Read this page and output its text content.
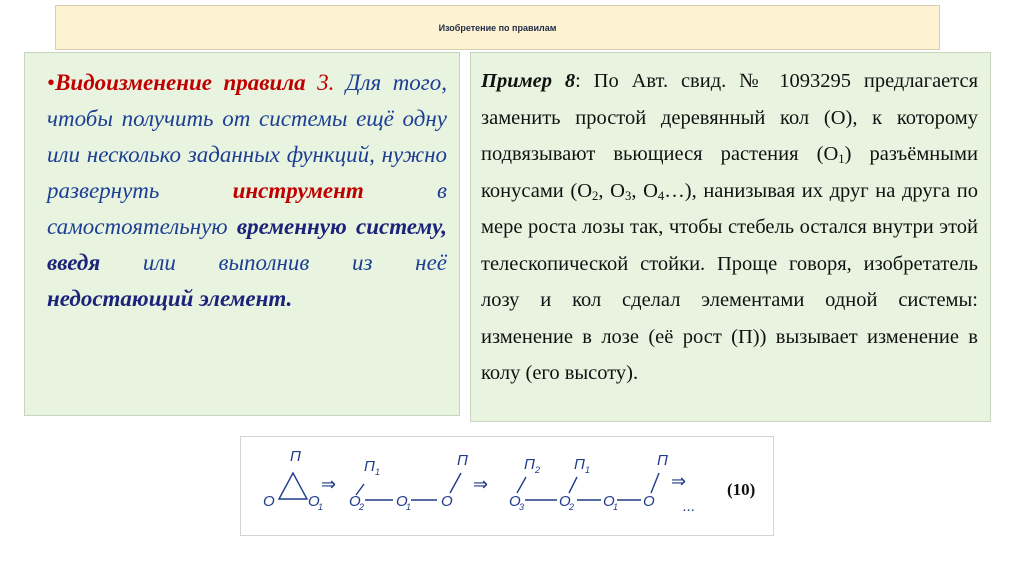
Изобретение по правилам

•Видоизменение правила 3. Для того, чтобы получить от системы ещё одну или несколько заданных функций, нужно развернуть инструмент в самостоятельную временную систему, введя или выполнив из неё недостающий элемент.

Пример 8: По Авт. свид. № 1093295 предлагается заменить простой деревянный кол (О), к которому подвязывают вьющиеся растения $(О_1)$ разъёмными конусами ($О_2$, $О_3$, $О_4\dots$), нанизывая их друг на друга по мере роста лозы так, чтобы стебель остался внутри этой телескопической стойки. Проще говоря, изобретатель лозу и кол сделал элементами одной системы: изменение в лозе (её рост (П)) вызывает изменение в колу (его высоту).

П
O O
1
⇒
П 1
O
2 O
1
П
O
⇒
П 2
O
3
П 1
O
2 O
1
П
O
⇒
...
(10)
